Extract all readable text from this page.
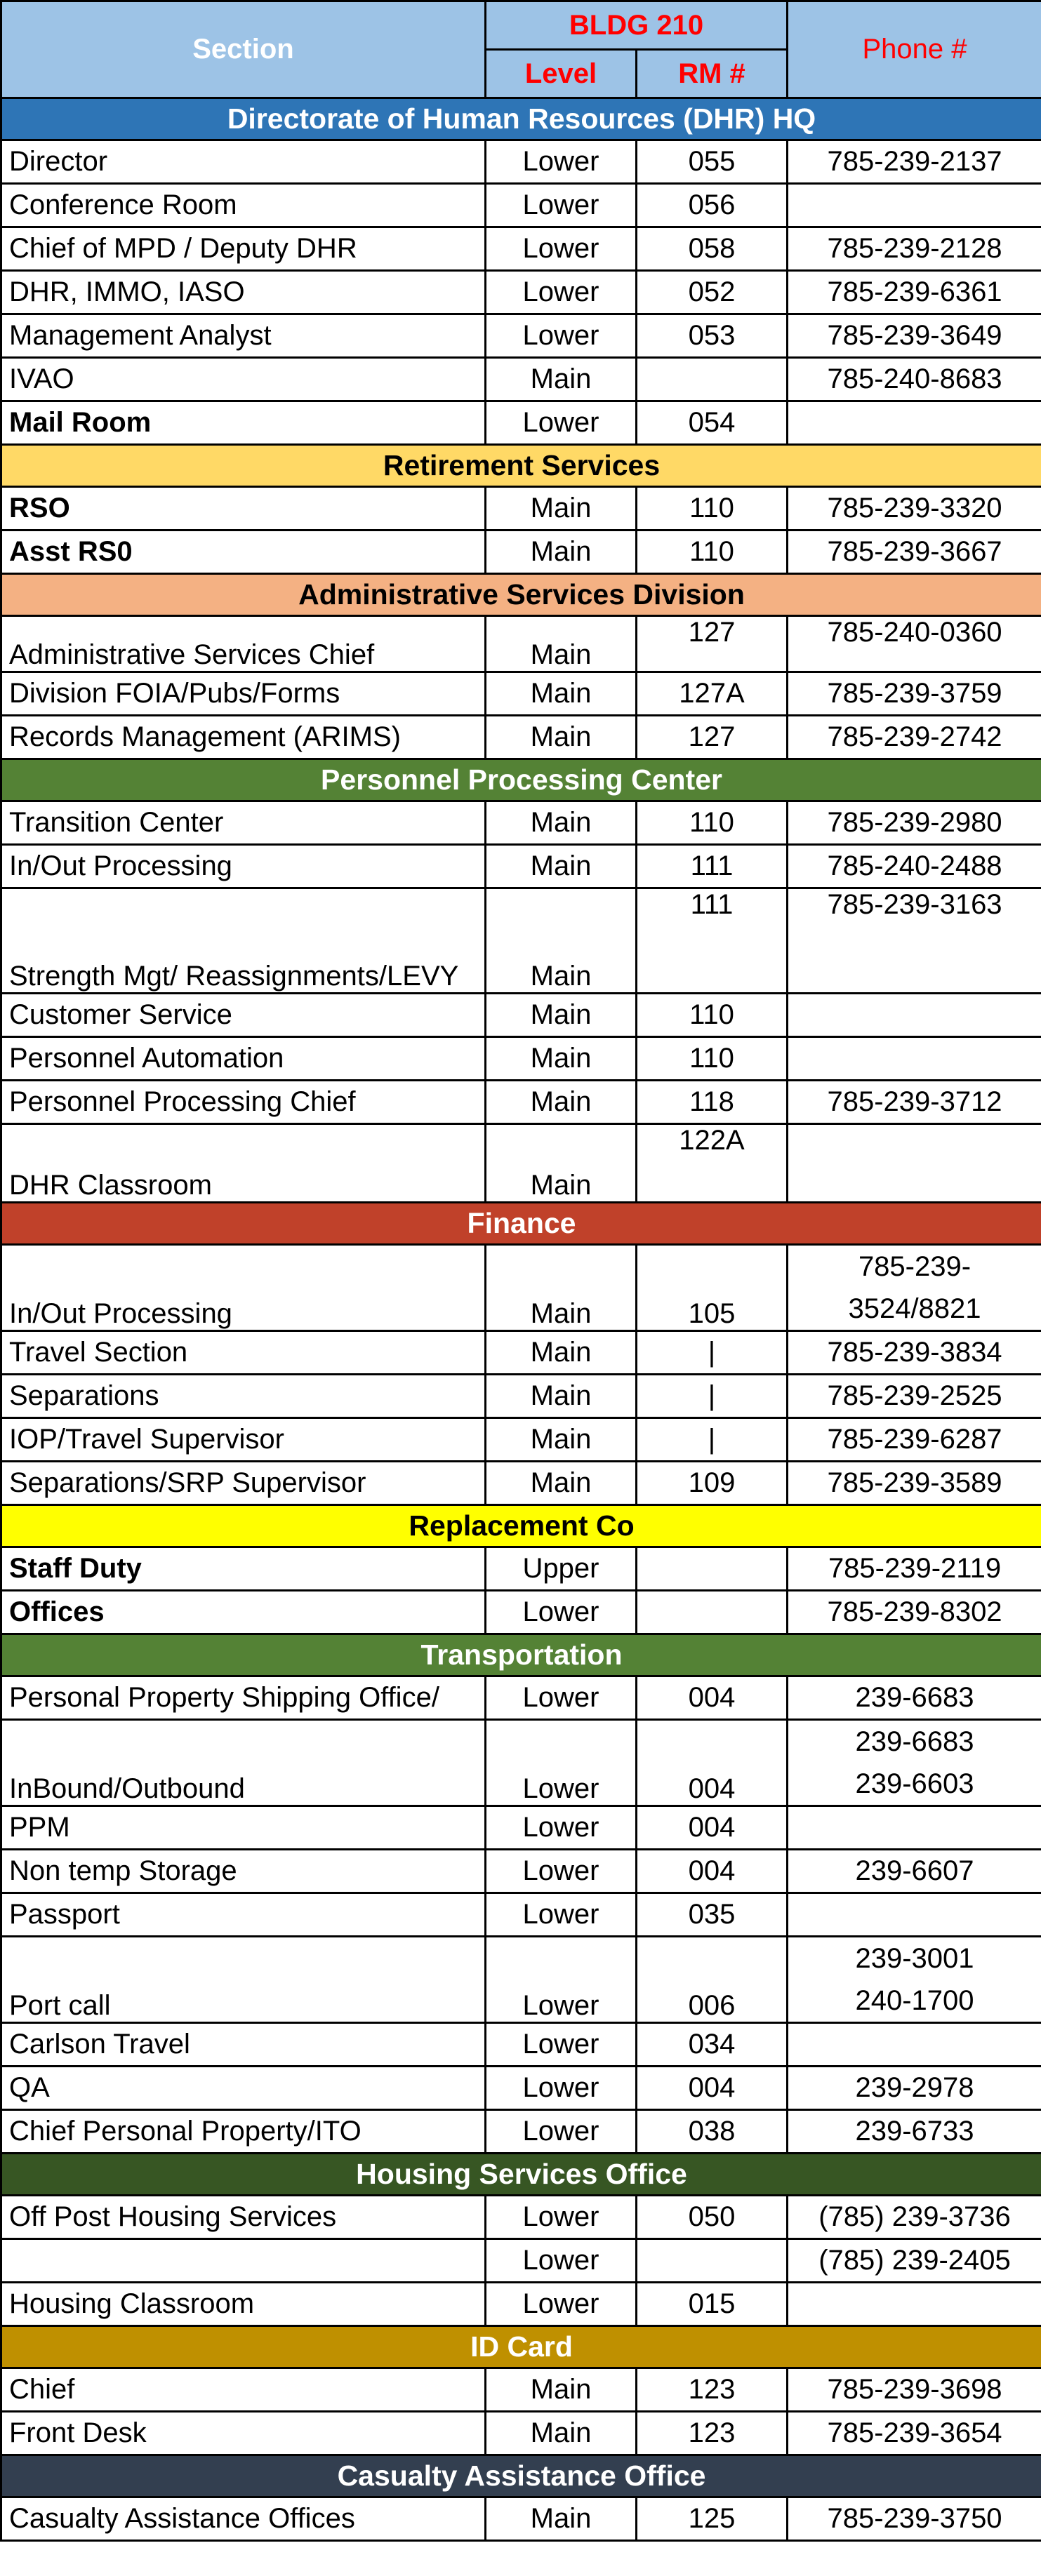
Section	BLDG 210		Phone #
	Level	RM #	
Directorate of Human Resources (DHR) HQ			
Director	Lower	055	785-239-2137
Conference Room	Lower	056	
Chief of MPD / Deputy DHR	Lower	058	785-239-2128
DHR, IMMO, IASO	Lower	052	785-239-6361
Management Analyst	Lower	053	785-239-3649
IVAO	Main		785-240-8683
Mail Room	Lower	054	
Retirement Services			
RSO	Main	110	785-239-3320
Asst RS0	Main	110	785-239-3667
Administrative Services Division			
Administrative Services Chief	Main	127	785-240-0360
Division FOIA/Pubs/Forms	Main	127A	785-239-3759
Records Management (ARIMS)	Main	127	785-239-2742
Personnel Processing Center			
Transition Center	Main	110	785-239-2980
In/Out Processing	Main	111	785-240-2488
Strength Mgt/ Reassignments/LEVY	Main	111	785-239-3163
Customer Service	Main	110	
Personnel Automation	Main	110	
Personnel Processing Chief	Main	118	785-239-3712
DHR Classroom	Main	122A	
Finance			
In/Out Processing	Main	105	785-239-
3524/8821

Travel Section	Main	|	785-239-3834
Separations	Main	|	785-239-2525
IOP/Travel Supervisor	Main	|	785-239-6287
Separations/SRP Supervisor	Main	109	785-239-3589
Replacement Co			
Staff Duty	Upper		785-239-2119
Offices	Lower		785-239-8302
Transportation			
Personal Property Shipping Office/	Lower	004	239-6683
InBound/Outbound	Lower	004	239-6683
239-6603

PPM	Lower	004	
Non temp Storage	Lower	004	239-6607
Passport	Lower	035	
Port call	Lower	006	239-3001
240-1700

Carlson Travel	Lower	034	
QA	Lower	004	239-2978
Chief Personal Property/ITO	Lower	038	239-6733
Housing Services Office			
Off Post Housing Services	Lower	050	(785) 239-3736
	Lower		(785) 239-2405
Housing Classroom	Lower	015	
ID Card			
Chief	Main	123	785-239-3698
Front Desk	Main	123	785-239-3654
Casualty Assistance Office			
Casualty Assistance Offices	Main	125	785-239-3750
